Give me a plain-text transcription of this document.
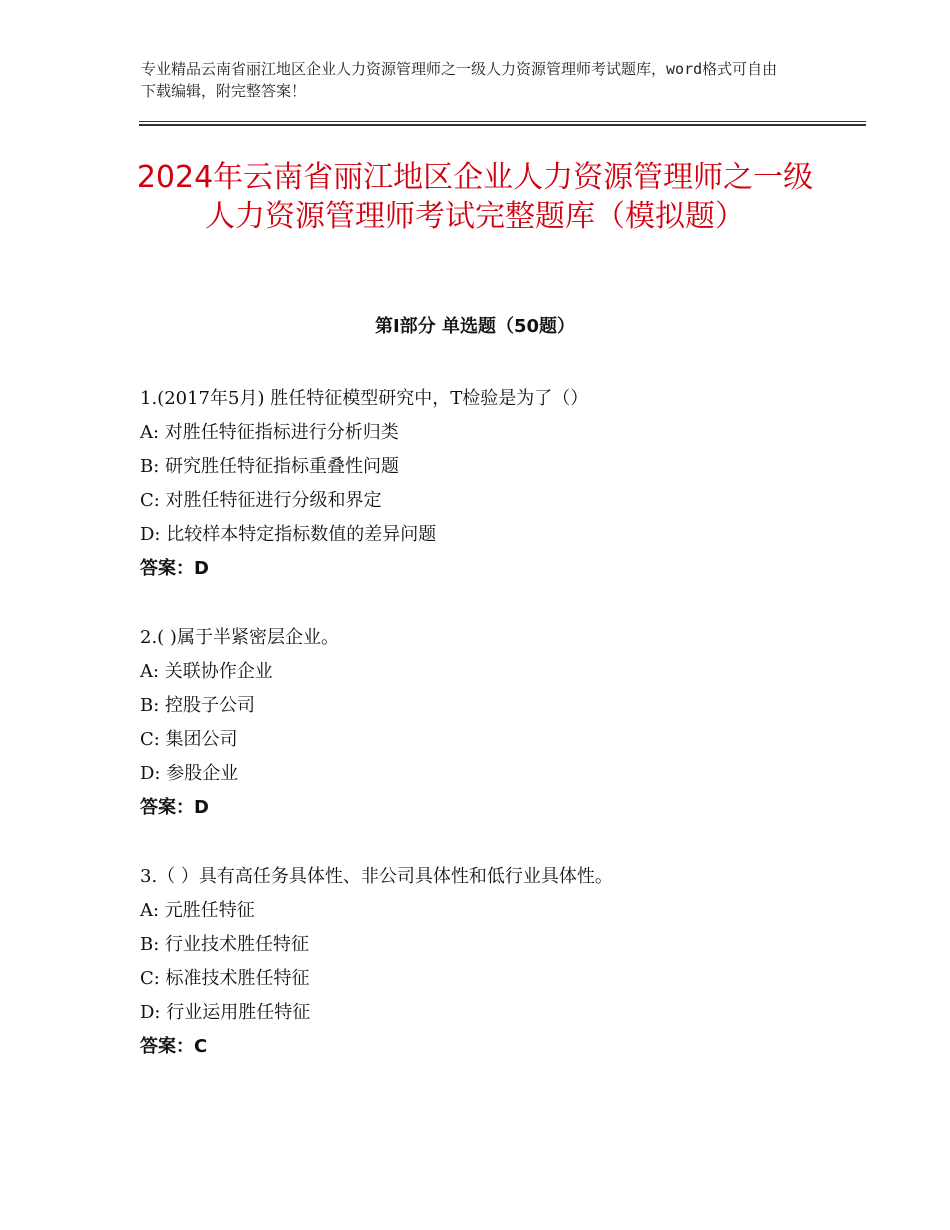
专业精品云南省丽江地区企业人力资源管理师之一级人力资源管理师考试题库，word格式可自由下载编辑，附完整答案！
2024年云南省丽江地区企业人力资源管理师之一级人力资源管理师考试完整题库（模拟题）
第Ⅰ部分 单选题（50题）
1.(2017年5月) 胜任特征模型研究中，T检验是为了（）
A: 对胜任特征指标进行分析归类
B: 研究胜任特征指标重叠性问题
C: 对胜任特征进行分级和界定
D: 比较样本特定指标数值的差异问题
答案：D
2.( )属于半紧密层企业。
A: 关联协作企业
B: 控股子公司
C: 集团公司
D: 参股企业
答案：D
3.（ ）具有高任务具体性、非公司具体性和低行业具体性。
A: 元胜任特征
B: 行业技术胜任特征
C: 标准技术胜任特征
D: 行业运用胜任特征
答案：C
